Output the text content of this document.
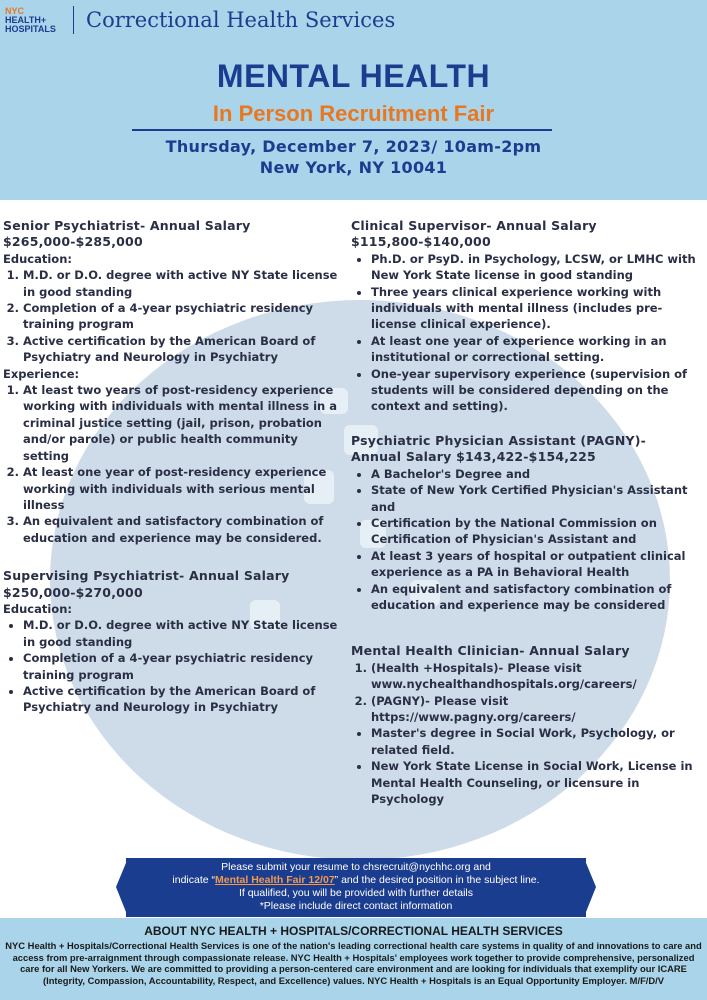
NYC
HEALTH+
HOSPITALS	Correctional Health Services
MENTAL HEALTH
In Person Recruitment Fair
Thursday, December 7, 2023/ 10am-2pm
New York, NY 10041
Senior Psychiatrist- Annual Salary
$265,000-$285,000
Education:
1. M.D. or D.O. degree with active NY State license in good standing
2. Completion of a 4-year psychiatric residency training program
3. Active certification by the American Board of Psychiatry and Neurology in Psychiatry
Experience:
1. At least two years of post-residency experience working with individuals with mental illness in a criminal justice setting (jail, prison, probation and/or parole) or public health community setting
2. At least one year of post-residency experience working with individuals with serious mental illness
3. An equivalent and satisfactory combination of education and experience may be considered.
Supervising Psychiatrist- Annual Salary
$250,000-$270,000
Education:
• M.D. or D.O. degree with active NY State license in good standing
• Completion of a 4-year psychiatric residency training program
• Active certification by the American Board of Psychiatry and Neurology in Psychiatry
Clinical Supervisor- Annual Salary
$115,800-$140,000
• Ph.D. or PsyD. in Psychology, LCSW, or LMHC with New York State license in good standing
• Three years clinical experience working with individuals with mental illness (includes pre-license clinical experience).
• At least one year of experience working in an institutional or correctional setting.
• One-year supervisory experience (supervision of students will be considered depending on the context and setting).
Psychiatric Physician Assistant (PAGNY)-
Annual Salary $143,422-$154,225
• A Bachelor's Degree and
• State of New York Certified Physician's Assistant and
• Certification by the National Commission on Certification of Physician's Assistant and
• At least 3 years of hospital or outpatient clinical experience as a PA in Behavioral Health
• An equivalent and satisfactory combination of education and experience may be considered
Mental Health Clinician- Annual Salary
1. (Health +Hospitals)- Please visit www.nychealthandhospitals.org/careers/
2. (PAGNY)- Please visit https://www.pagny.org/careers/
• Master's degree in Social Work, Psychology, or related field.
• New York State License in Social Work, License in Mental Health Counseling, or licensure in Psychology
Please submit your resume to chsrecruit@nychhc.org and
indicate “Mental Health Fair 12/07” and the desired position in the subject line.
If qualified, you will be provided with further details
*Please include direct contact information
ABOUT NYC HEALTH + HOSPITALS/CORRECTIONAL HEALTH SERVICES
NYC Health + Hospitals/Correctional Health Services is one of the nation's leading correctional health care systems in quality of and innovations to care and access from pre-arraignment through compassionate release. NYC Health + Hospitals' employees work together to provide comprehensive, personalized care for all New Yorkers. We are committed to providing a person-centered care environment and are looking for individuals that exemplify our ICARE (Integrity, Compassion, Accountability, Respect, and Excellence) values. NYC Health + Hospitals is an Equal Opportunity Employer. M/F/D/V
